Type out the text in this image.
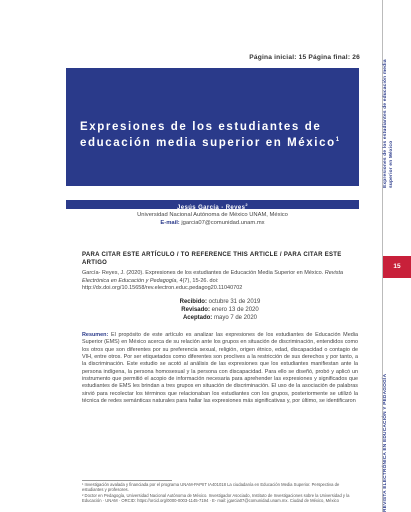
Página inicial: 15 Página final: 26
Expresiones de los estudiantes de educación media superior en México$^1$
Jesús García - Reyes$^2$
Universidad Nacional Autónoma de México UNAM, México
E-mail: jgarcia07@comunidad.unam.mx
PARA CITAR ESTE ARTÍCULO / TO REFERENCE THIS ARTICLE / PARA CITAR ESTE ARTIGO
García- Reyes, J. (2020). Expresiones de los estudiantes de Educación Media Superior en México. Revista Electrónica en Educación y Pedagogía, 4(7), 15-26. doi: http://dx.doi.org/10.15658/rev.electron.educ.pedagog20.11040702
Recibido: octubre 31 de 2019
Revisado: enero 13 de 2020
Aceptado: mayo 7 de 2020
Resumen: El propósito de este artículo es analizar las expresiones de los estudiantes de Educación Media Superior (EMS) en México acerca de su relación ante los grupos en situación de discriminación, entendidos como los otros que son diferentes por su preferencia sexual, religión, origen étnico, edad, discapacidad o contagio de VIH, entre otros. Por ser etiquetados como diferentes son proclives a la restricción de sus derechos y por tanto, a la discriminación. Este estudio se acotó al análisis de las expresiones que los estudiantes manifiestan ante la persona indígena, la persona homosexual y la persona con discapacidad. Para ello se diseñó, probó y aplicó un instrumento que permitió el acopio de información necesaria para aprehender las expresiones y significados que estudiantes de EMS les brindan a tres grupos en situación de discriminación. El uso de la asociación de palabras sirvió para recolectar los términos que relacionaban los estudiantes con los grupos, posteriormente se utilizó la técnica de redes semánticas naturales para hallar las expresiones más significativas y, por último, se identificaron
¹ Investigación avalada y financiada por el programa UNAM-PAPIIT IA401018 La ciudadanía en Educación Media Superior. Perspectiva de estudiantes y profesores.
² Doctor en Pedagogía, Universidad Nacional Autónoma de México. Investigador Asociado, Instituto de Investigaciones sobre la Universidad y la Educación · UNAM · ORCID: https://orcid.org/0000-0003-1145-7194 · E- mail: jgarcia07@comunidad.unam.mx. Ciudad de México, México
Expresiones de los estudiantes de educación media superior en México
15
REVISTA ELECTRÓNICA EN EDUCACIÓN Y PEDAGOGÍA
